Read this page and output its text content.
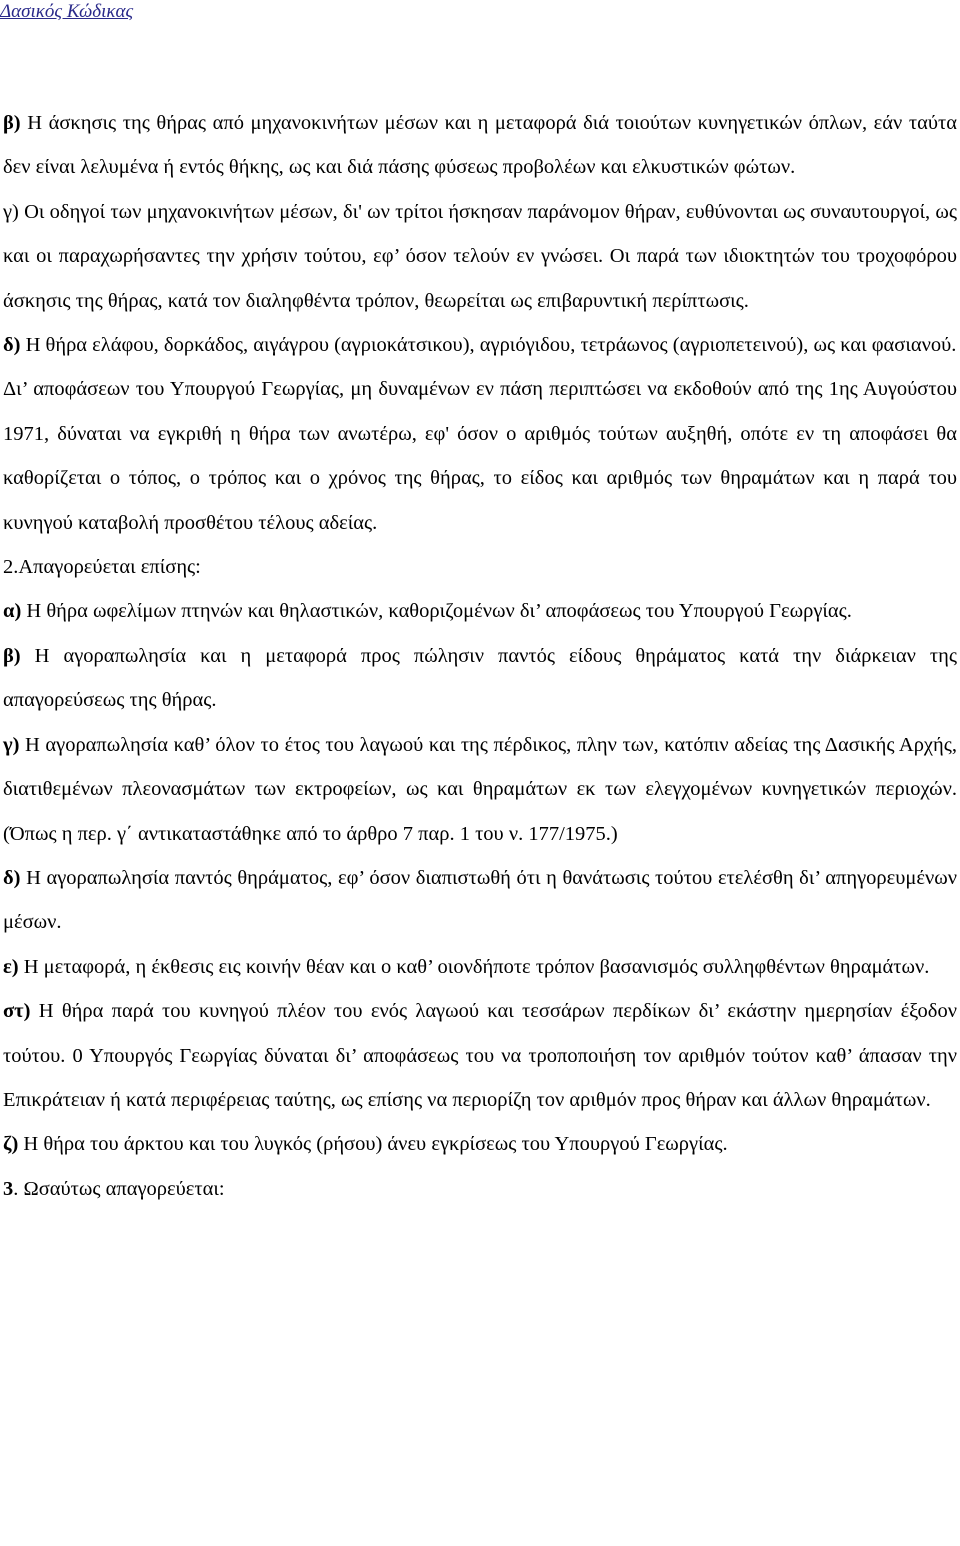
Δασικός Κώδικας

β) Η άσκησις της θήρας από μηχανοκινήτων μέσων και η μεταφορά διά τοιούτων κυνηγετικών όπλων, εάν ταύτα δεν είναι λελυμένα ή εντός θήκης, ως και διά πάσης φύσεως προβολέων και ελκυστικών φώτων.

γ) Οι οδηγοί των μηχανοκινήτων μέσων, δι' ων τρίτοι ήσκησαν παράνομον θήραν, ευθύνονται ως συναυτουργοί, ως και οι παραχωρήσαντες την χρήσιν τούτου, εφ’ όσον τελούν εν γνώσει. Οι παρά των ιδιοκτητών του τροχοφόρου άσκησις της θήρας, κατά τον διαληφθέντα τρόπον, θεωρείται ως επιβαρυντική περίπτωσις.

δ) Η θήρα ελάφου, δορκάδος, αιγάγρου (αγριοκάτσικου), αγριόγιδου, τετράωνος (αγριοπετεινού), ως και φασιανού.

Δι’ αποφάσεων του Υπουργού Γεωργίας, μη δυναμένων εν πάση περιπτώσει να εκδοθούν από της 1ης Αυγούστου 1971, δύναται να εγκριθή η θήρα των ανωτέρω, εφ' όσον ο αριθμός τούτων αυξηθή, οπότε εν τη αποφάσει θα καθορίζεται ο τόπος, ο τρόπος και ο χρόνος της θήρας, το είδος και αριθμός των θηραμάτων και η παρά του κυνηγού καταβολή προσθέτου τέλους αδείας.

2.Απαγορεύεται επίσης:

α) Η θήρα ωφελίμων πτηνών και θηλαστικών, καθοριζομένων δι’ αποφάσεως του Υπουργού Γεωργίας.

β) Η αγοραπωλησία και η μεταφορά προς πώλησιν παντός είδους θηράματος κατά την διάρκειαν της απαγορεύσεως της θήρας.

γ) Η αγοραπωλησία καθ’ όλον το έτος του λαγωού και της πέρδικος, πλην των, κατόπιν αδείας της Δασικής Αρχής, διατιθεμένων πλεονασμάτων των εκτροφείων, ως και θηραμάτων εκ των ελεγχομένων κυνηγετικών περιοχών. (Όπως η περ. γ΄ αντικαταστάθηκε από το άρθρο 7 παρ. 1 του ν. 177/1975.)

δ) Η αγοραπωλησία παντός θηράματος, εφ’ όσον διαπιστωθή ότι η θανάτωσις τούτου ετελέσθη δι’ απηγορευμένων μέσων.

ε) Η μεταφορά, η έκθεσις εις κοινήν θέαν και ο καθ’ οιονδήποτε τρόπον βασανισμός συλληφθέντων θηραμάτων.

στ) Η θήρα παρά του κυνηγού πλέον του ενός λαγωού και τεσσάρων περδίκων δι’ εκάστην ημερησίαν έξοδον τούτου. 0 Υπουργός Γεωργίας δύναται δι’ αποφάσεως του να τροποποιήση τον αριθμόν τούτον καθ’ άπασαν την Επικράτειαν ή κατά περιφέρειας ταύτης, ως επίσης να περιορίζη τον αριθμόν προς θήραν και άλλων θηραμάτων.

ζ) Η θήρα του άρκτου και του λυγκός (ρήσου) άνευ εγκρίσεως του Υπουργού Γεωργίας.

3. Ωσαύτως απαγορεύεται:
